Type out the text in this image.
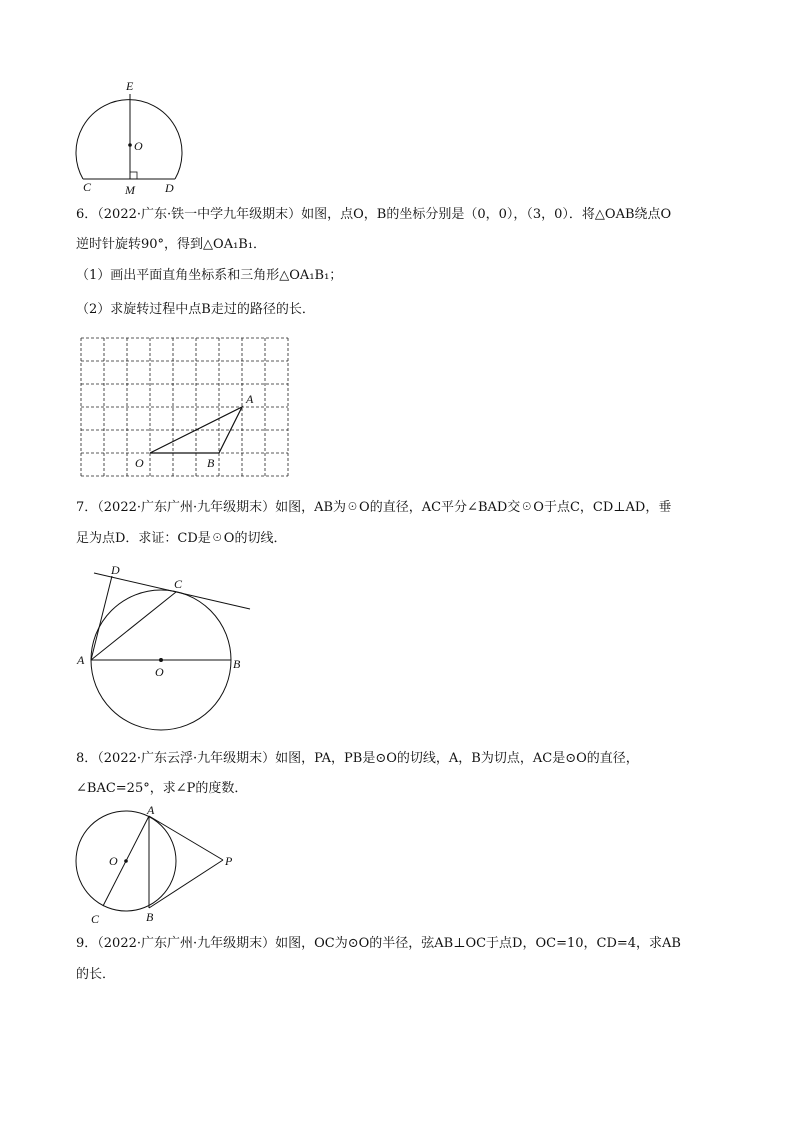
E
O
C	M	D
6．（2022·广东·铁一中学九年级期末）如图，点O，B的坐标分别是（0，0），（3，0）．将△OAB绕点O
逆时针旋转90°，得到△OA₁B₁．
（1）画出平面直角坐标系和三角形△OA₁B₁；
（2）求旋转过程中点B走过的路径的长．
A
O	B
7．（2022·广东广州·九年级期末）如图，AB为☉O的直径，AC平分∠BAD交☉O于点C，CD⊥AD，垂
足为点D．求证：CD是☉O的切线．
D
C
A
O
B
8．（2022·广东云浮·九年级期末）如图，PA，PB是⊙O的切线，A，B为切点，AC是⊙O的直径，
∠BAC=25°，求∠P的度数．
A
O	P
C	B
9．（2022·广东广州·九年级期末）如图，OC为⊙O的半径，弦AB⊥OC于点D，OC=10，CD=4，求AB
的长．
